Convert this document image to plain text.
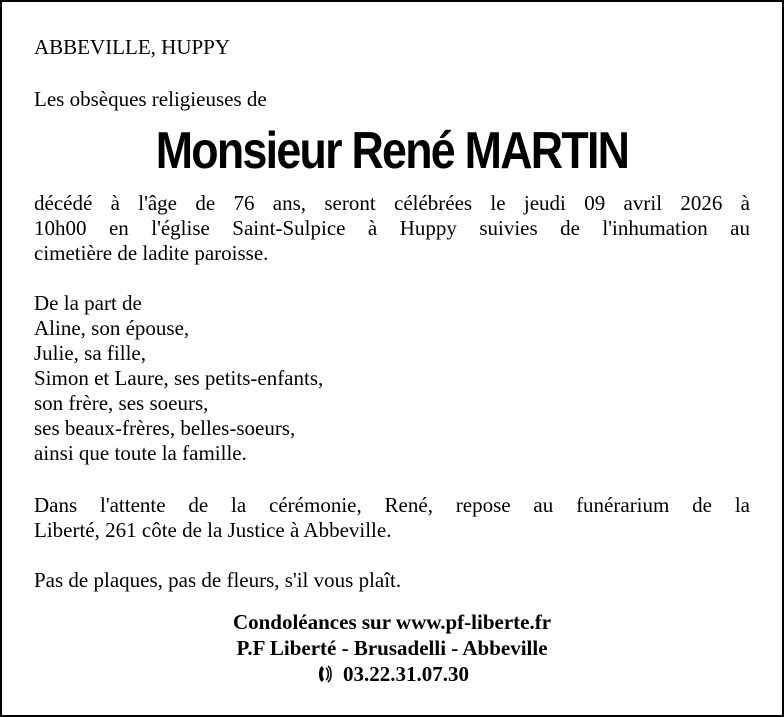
ABBEVILLE, HUPPY

Les obsèques religieuses de

Monsieur René MARTIN

décédé à l'âge de 76 ans, seront célébrées le jeudi 09 avril 2026 à
10h00 en l'église Saint-Sulpice à Huppy suivies de l'inhumation au
cimetière de ladite paroisse.

De la part de
Aline, son épouse,
Julie, sa fille,
Simon et Laure, ses petits-enfants,
son frère, ses soeurs,
ses beaux-frères, belles-soeurs,
ainsi que toute la famille.

Dans l'attente de la cérémonie, René, repose au funérarium de la
Liberté, 261 côte de la Justice à Abbeville.

Pas de plaques, pas de fleurs, s'il vous plaît.

Condoléances sur www.pf-liberte.fr
P.F Liberté - Brusadelli - Abbeville
03.22.31.07.30
